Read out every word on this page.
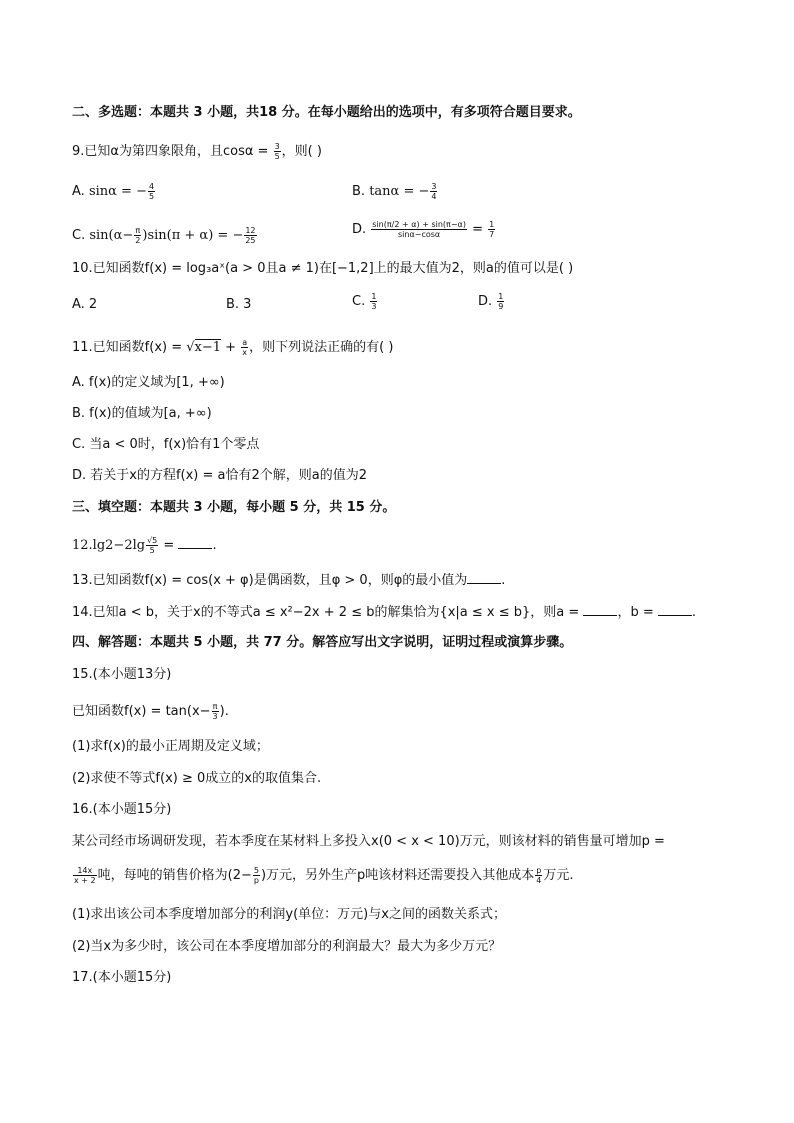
二、多选题：本题共 3 小题，共18 分。在每小题给出的选项中，有多项符合题目要求。
9.已知α为第四象限角，且$\cos\alpha = \frac{3}{5}$ ，则( )
A. sinα = − $\frac{4}{5}$	B. tanα = − $\frac{3}{4}$
C. $\sin(\alpha- \frac{\pi}{2} )\sin(\pi + \alpha)$ = − $\frac{12}{25}$	D. $\frac{\sin(\pi/2 + \alpha) + \sin(\pi-\alpha)}{\sin\alpha-\cos\alpha} = \frac{1}{7}$
10.已知函数f(x) = log₃aˣ(a > 0且a ≠ 1)在[−1,2]上的最大值为2，则a的值可以是( )
A. 2	B. 3	C. $\frac{1}{3}$	D. $\frac{1}{9}$
11.已知函数$f(x) = √x-1 + \frac{a}{x}$ ，则下列说法正确的有( )
A. f(x)的定义域为[1, +∞)
B. f(x)的值域为[a, +∞)
C. 当a < 0时，f(x)恰有1个零点
D. 若关于x的方程f(x) = a恰有2个解，则a的值为2
三、填空题：本题共 3 小题，每小题 5 分，共 15 分。
$12.\lg 2-2\lg \frac{√5}{5}$ =	.
13.已知函数f(x) = cos(x + φ)是偶函数，且φ > 0，则φ的最小值为	.
14.已知a < b，关于x的不等式a ≤ x²−2x + 2 ≤ b的解集恰为{x|a ≤ x ≤ b}，则a =	，b =	.
四、解答题：本题共 5 小题，共 77 分。解答应写出文字说明，证明过程或演算步骤。
15.(本小题13分)
已知函数$f(x) = \tan(x- \frac{\pi}{3}$ ).
(1)求f(x)的最小正周期及定义域；
(2)求使不等式f(x) ≥ 0成立的x的取值集合.
16.(本小题15分)
某公司经市场调研发现，若本季度在某材料上多投入x(0 < x < 10)万元，则该材料的销售量可增加p =
$\frac{14x}{x + 2}$ 吨，每吨的销售价格为($2- \frac{5}{p}$ )万元，另外生产p吨该材料还需要投入其他成本 $\frac{p}{4}$ 万元.
(1)求出该公司本季度增加部分的利润y(单位：万元)与x之间的函数关系式；
(2)当x为多少时，该公司在本季度增加部分的利润最大？最大为多少万元？
17.(本小题15分)
